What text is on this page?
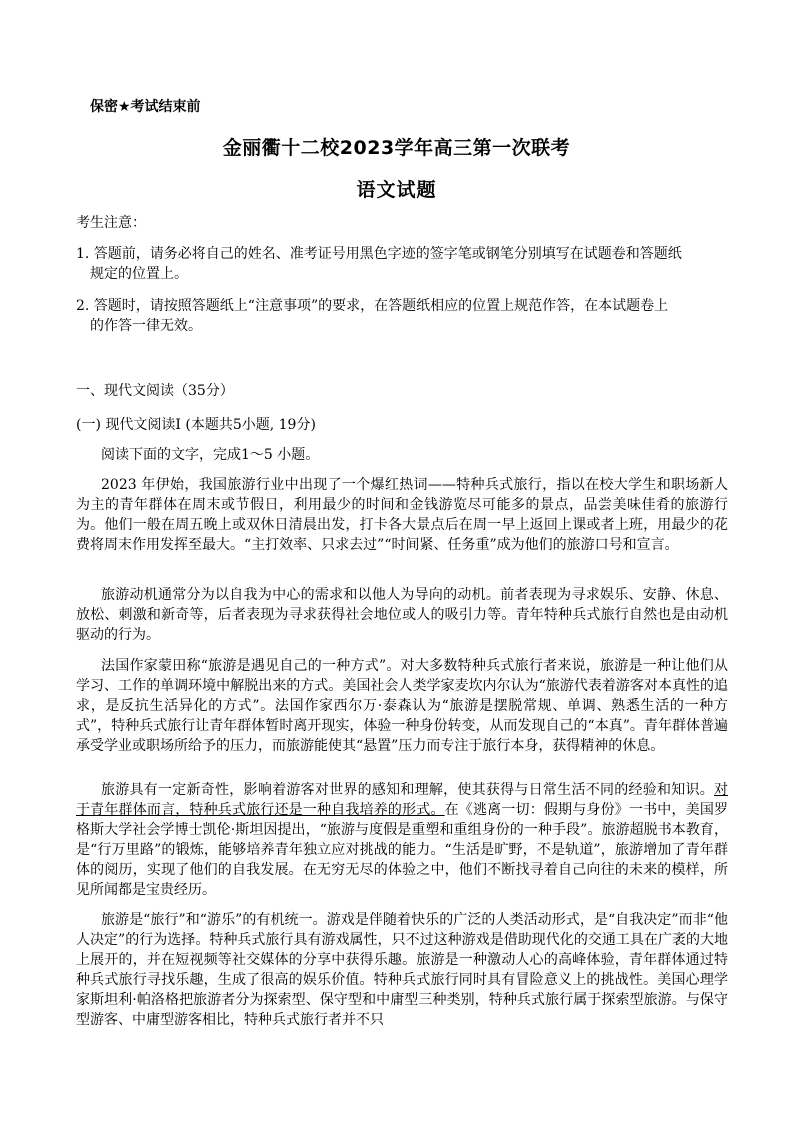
保密★考试结束前
金丽衢十二校2023学年高三第一次联考
语文试题
考生注意：
1. 答题前，请务必将自己的姓名、准考证号用黑色字迹的签字笔或钢笔分别填写在试题卷和答题纸
规定的位置上。
2. 答题时，请按照答题纸上“注意事项”的要求，在答题纸相应的位置上规范作答，在本试题卷上
的作答一律无效。
一、现代文阅读（35分）
(一) 现代文阅读Ⅰ (本题共5小题, 19分)
阅读下面的文字，完成1～5 小题。

2023 年伊始，我国旅游行业中出现了一个爆红热词——特种兵式旅行，指以在校大学生和职场新人为主的青年群体在周末或节假日，利用最少的时间和金钱游览尽可能多的景点，品尝美味佳肴的旅游行为。他们一般在周五晚上或双休日清晨出发，打卡各大景点后在周一早上返回上课或者上班，用最少的花费将周末作用发挥至最大。“主打效率、只求去过”“时间紧、任务重”成为他们的旅游口号和宣言。

旅游动机通常分为以自我为中心的需求和以他人为导向的动机。前者表现为寻求娱乐、安静、休息、放松、刺激和新奇等，后者表现为寻求获得社会地位或人的吸引力等。青年特种兵式旅行自然也是由动机驱动的行为。

法国作家蒙田称“旅游是遇见自己的一种方式”。对大多数特种兵式旅行者来说，旅游是一种让他们从学习、工作的单调环境中解脱出来的方式。美国社会人类学家麦坎内尔认为“旅游代表着游客对本真性的追求，是反抗生活异化的方式”。法国作家西尔万·泰森认为“旅游是摆脱常规、单调、熟悉生活的一种方式”，特种兵式旅行让青年群体暂时离开现实，体验一种身份转变，从而发现自己的“本真”。青年群体普遍承受学业或职场所给予的压力，而旅游能使其“悬置”压力而专注于旅行本身，获得精神的休息。

旅游具有一定新奇性，影响着游客对世界的感知和理解，使其获得与日常生活不同的经验和知识。对于青年群体而言，特种兵式旅行还是一种自我培养的形式。在《逃离一切：假期与身份》一书中，美国罗格斯大学社会学博士凯伦·斯坦因提出，“旅游与度假是重塑和重组身份的一种手段”。旅游超脱书本教育，是“行万里路”的锻炼，能够培养青年独立应对挑战的能力。“生活是旷野，不是轨道”，旅游增加了青年群体的阅历，实现了他们的自我发展。在无穷无尽的体验之中，他们不断找寻着自己向往的未来的模样，所见所闻都是宝贵经历。

旅游是“旅行”和“游乐”的有机统一。游戏是伴随着快乐的广泛的人类活动形式，是“自我决定”而非“他人决定”的行为选择。特种兵式旅行具有游戏属性，只不过这种游戏是借助现代化的交通工具在广袤的大地上展开的，并在短视频等社交媒体的分享中获得乐趣。旅游是一种激动人心的高峰体验，青年群体通过特种兵式旅行寻找乐趣，生成了很高的娱乐价值。特种兵式旅行同时具有冒险意义上的挑战性。美国心理学家斯坦利·帕洛格把旅游者分为探索型、保守型和中庸型三种类别，特种兵式旅行属于探索型旅游。与保守型游客、中庸型游客相比，特种兵式旅行者并不只
